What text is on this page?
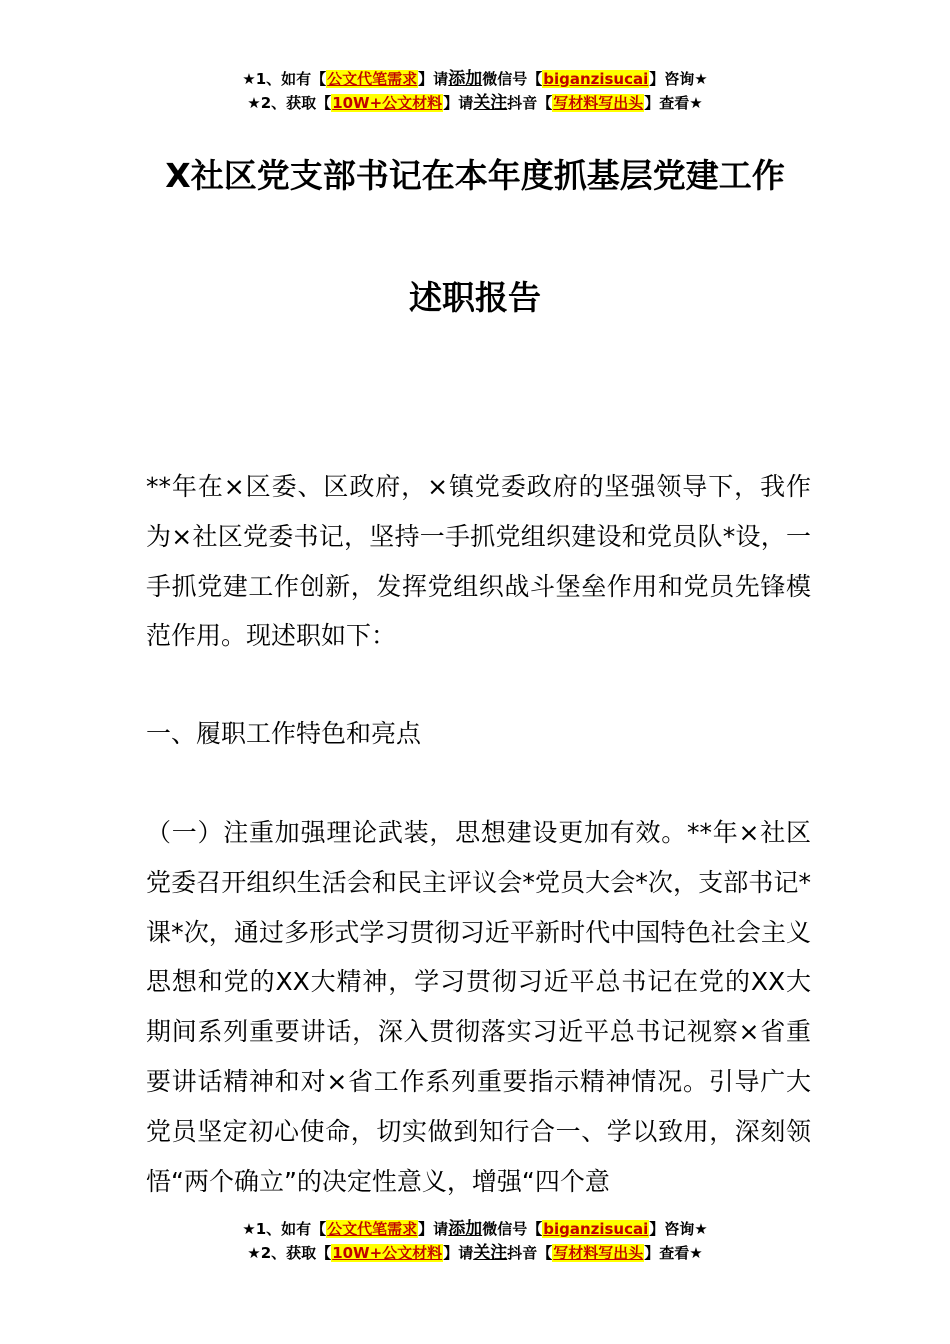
★1、如有【公文代笔需求】请添加微信号【biganzisucai】咨询★
★2、获取【10W+公文材料】请关注抖音【写材料写出头】查看★
X社区党支部书记在本年度抓基层党建工作
述职报告

**年在×区委、区政府，×镇党委政府的坚强领导下，我作为×社区党委书记，坚持一手抓党组织建设和党员队*设，一手抓党建工作创新，发挥党组织战斗堡垒作用和党员先锋模范作用。现述职如下：

一、履职工作特色和亮点

（一）注重加强理论武装，思想建设更加有效。**年×社区党委召开组织生活会和民主评议会*党员大会*次，支部书记*课*次，通过多形式学习贯彻习近平新时代中国特色社会主义思想和党的XX大精神，学习贯彻习近平总书记在党的XX大期间系列重要讲话，深入贯彻落实习近平总书记视察×省重要讲话精神和对×省工作系列重要指示精神情况。引导广大党员坚定初心使命，切实做到知行合一、学以致用，深刻领悟“两个确立”的决定性意义，增强“四个意

★1、如有【公文代笔需求】请添加微信号【biganzisucai】咨询★
★2、获取【10W+公文材料】请关注抖音【写材料写出头】查看★
